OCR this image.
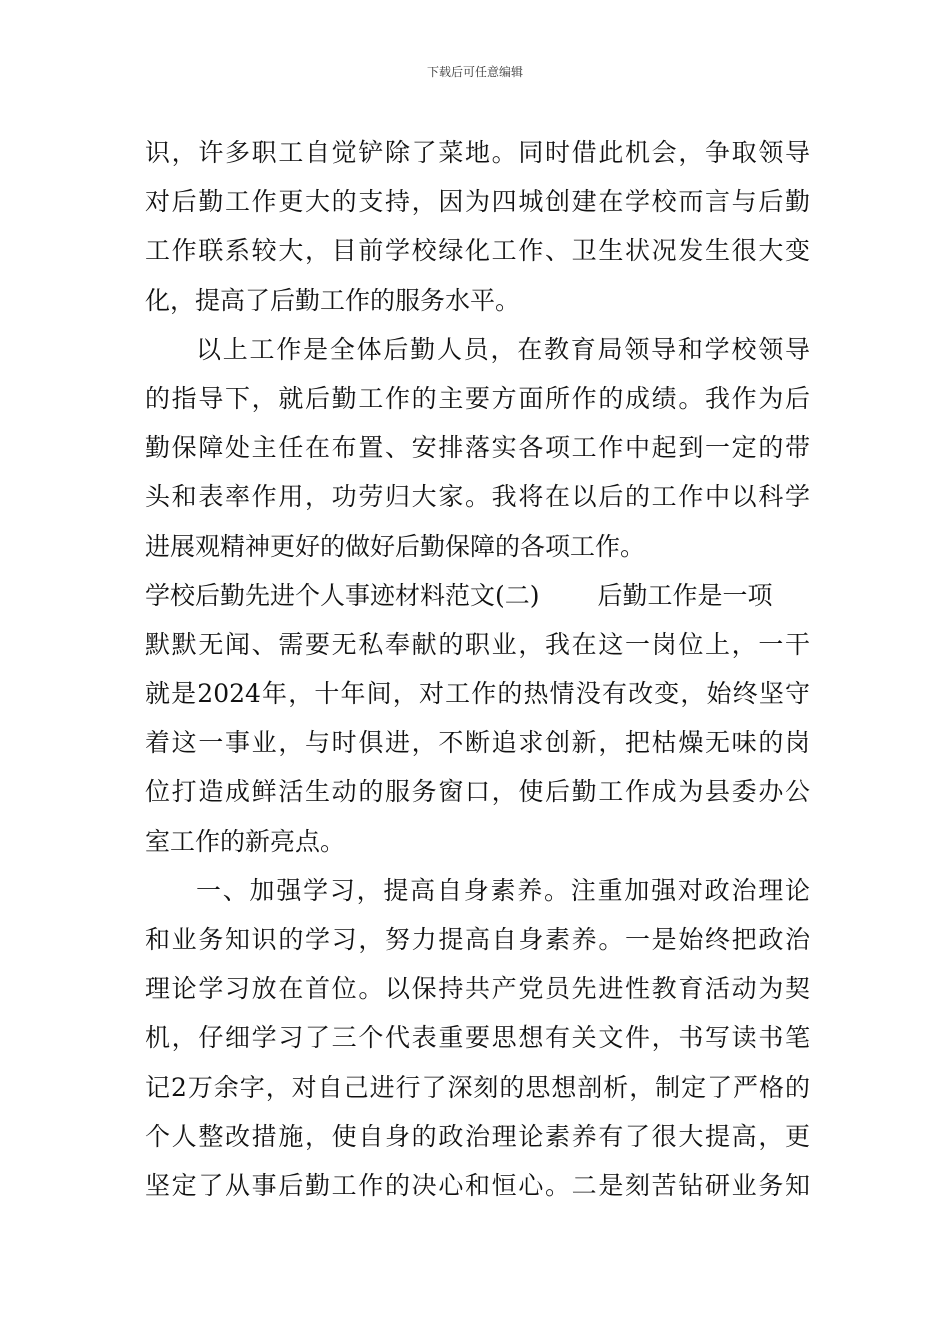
下载后可任意编辑
识，许多职工自觉铲除了菜地。同时借此机会，争取领导
对后勤工作更大的支持，因为四城创建在学校而言与后勤
工作联系较大，目前学校绿化工作、卫生状况发生很大变
化，提高了后勤工作的服务水平。
以上工作是全体后勤人员，在教育局领导和学校领导
的指导下，就后勤工作的主要方面所作的成绩。我作为后
勤保障处主任在布置、安排落实各项工作中起到一定的带
头和表率作用，功劳归大家。我将在以后的工作中以科学
进展观精神更好的做好后勤保障的各项工作。
学校后勤先进个人事迹材料范文(二) 后勤工作是一项
默默无闻、需要无私奉献的职业，我在这一岗位上，一干
就是2024年，十年间，对工作的热情没有改变，始终坚守
着这一事业，与时俱进，不断追求创新，把枯燥无味的岗
位打造成鲜活生动的服务窗口，使后勤工作成为县委办公
室工作的新亮点。
一、加强学习，提高自身素养。注重加强对政治理论
和业务知识的学习，努力提高自身素养。一是始终把政治
理论学习放在首位。以保持共产党员先进性教育活动为契
机，仔细学习了三个代表重要思想有关文件，书写读书笔
记2万余字，对自己进行了深刻的思想剖析，制定了严格的
个人整改措施，使自身的政治理论素养有了很大提高，更
坚定了从事后勤工作的决心和恒心。二是刻苦钻研业务知
